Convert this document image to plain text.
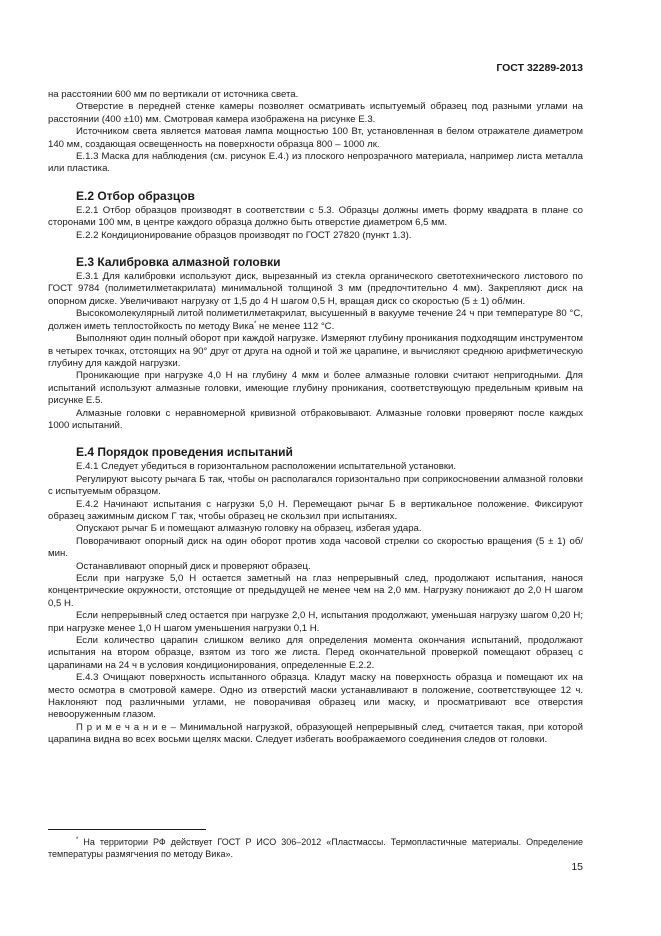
ГОСТ 32289-2013

на расстоянии 600 мм по вертикали от источника света.

Отверстие в передней стенке камеры позволяет осматривать испытуемый образец под разными углами на расстоянии (400 ±10) мм. Смотровая камера изображена на рисунке Е.3.

Источником света является матовая лампа мощностью 100 Вт, установленная в белом отражателе диаметром 140 мм, создающая освещенность на поверхности образца 800 – 1000 лк.

Е.1.3 Маска для наблюдения (см. рисунок Е.4.) из плоского непрозрачного материала, например листа металла или пластика.

Е.2 Отбор образцов

Е.2.1 Отбор образцов производят в соответствии с 5.3. Образцы должны иметь форму квадрата в плане со сторонами 100 мм, в центре каждого образца должно быть отверстие диаметром 6,5 мм.

Е.2.2 Кондиционирование образцов производят по ГОСТ 27820 (пункт 1.3).

Е.3 Калибровка алмазной головки

Е.3.1 Для калибровки используют диск, вырезанный из стекла органического светотехнического листового по ГОСТ 9784 (полиметилметакрилата) минимальной толщиной 3 мм (предпочтительно 4 мм). Закрепляют диск на опорном диске. Увеличивают нагрузку от 1,5 до 4 Н шагом 0,5 Н, вращая диск со скоростью (5 ± 1) об/мин.

Высокомолекулярный литой полиметилметакрилат, высушенный в вакууме течение 24 ч при температуре 80 °С, должен иметь теплостойкость по методу Вика* не менее 112 °С.

Выполняют один полный оборот при каждой нагрузке. Измеряют глубину проникания подходящим инструментом в четырех точках, отстоящих на 90° друг от друга на одной и той же царапине, и вычисляют среднюю арифметическую глубину для каждой нагрузки.

Проникающие при нагрузке 4,0 Н на глубину 4 мкм и более алмазные головки считают непригодными. Для испытаний используют алмазные головки, имеющие глубину проникания, соответствующую предельным кривым на рисунке Е.5.

Алмазные головки с неравномерной кривизной отбраковывают. Алмазные головки проверяют после каждых 1000 испытаний.

Е.4 Порядок проведения испытаний

Е.4.1 Следует убедиться в горизонтальном расположении испытательной установки.

Регулируют высоту рычага Б так, чтобы он располагался горизонтально при соприкосновении алмазной головки с испытуемым образцом.

Е.4.2 Начинают испытания с нагрузки 5,0 Н. Перемещают рычаг Б в вертикальное положение. Фиксируют образец зажимным диском Г так, чтобы образец не скользил при испытаниях.

Опускают рычаг Б и помещают алмазную головку на образец, избегая удара.

Поворачивают опорный диск на один оборот против хода часовой стрелки со скоростью вращения (5 ± 1) об/мин.

Останавливают опорный диск и проверяют образец.

Если при нагрузке 5,0 Н остается заметный на глаз непрерывный след, продолжают испытания, нанося концентрические окружности, отстоящие от предыдущей не менее чем на 2,0 мм. Нагрузку понижают до 2,0 Н шагом 0,5 Н.

Если непрерывный след остается при нагрузке 2,0 Н, испытания продолжают, уменьшая нагрузку шагом 0,20 Н; при нагрузке менее 1,0 Н шагом уменьшения нагрузки 0,1 Н.

Если количество царапин слишком велико для определения момента окончания испытаний, продолжают испытания на втором образце, взятом из того же листа. Перед окончательной проверкой помещают образец с царапинами на 24 ч в условия кондиционирования, определенные Е.2.2.

Е.4.3 Очищают поверхность испытанного образца. Кладут маску на поверхность образца и помещают их на место осмотра в смотровой камере. Одно из отверстий маски устанавливают в положение, соответствующее 12 ч. Наклоняют под различными углами, не поворачивая образец или маску, и просматривают все отверстия невооруженным глазом.

П р и м е ч а н и е – Минимальной нагрузкой, образующей непрерывный след, считается такая, при которой царапина видна во всех восьми щелях маски. Следует избегать воображаемого соединения следов от головки.

* На территории РФ действует ГОСТ Р ИСО 306–2012 «Пластмассы. Термопластичные материалы. Определение температуры размягчения по методу Вика».
15
